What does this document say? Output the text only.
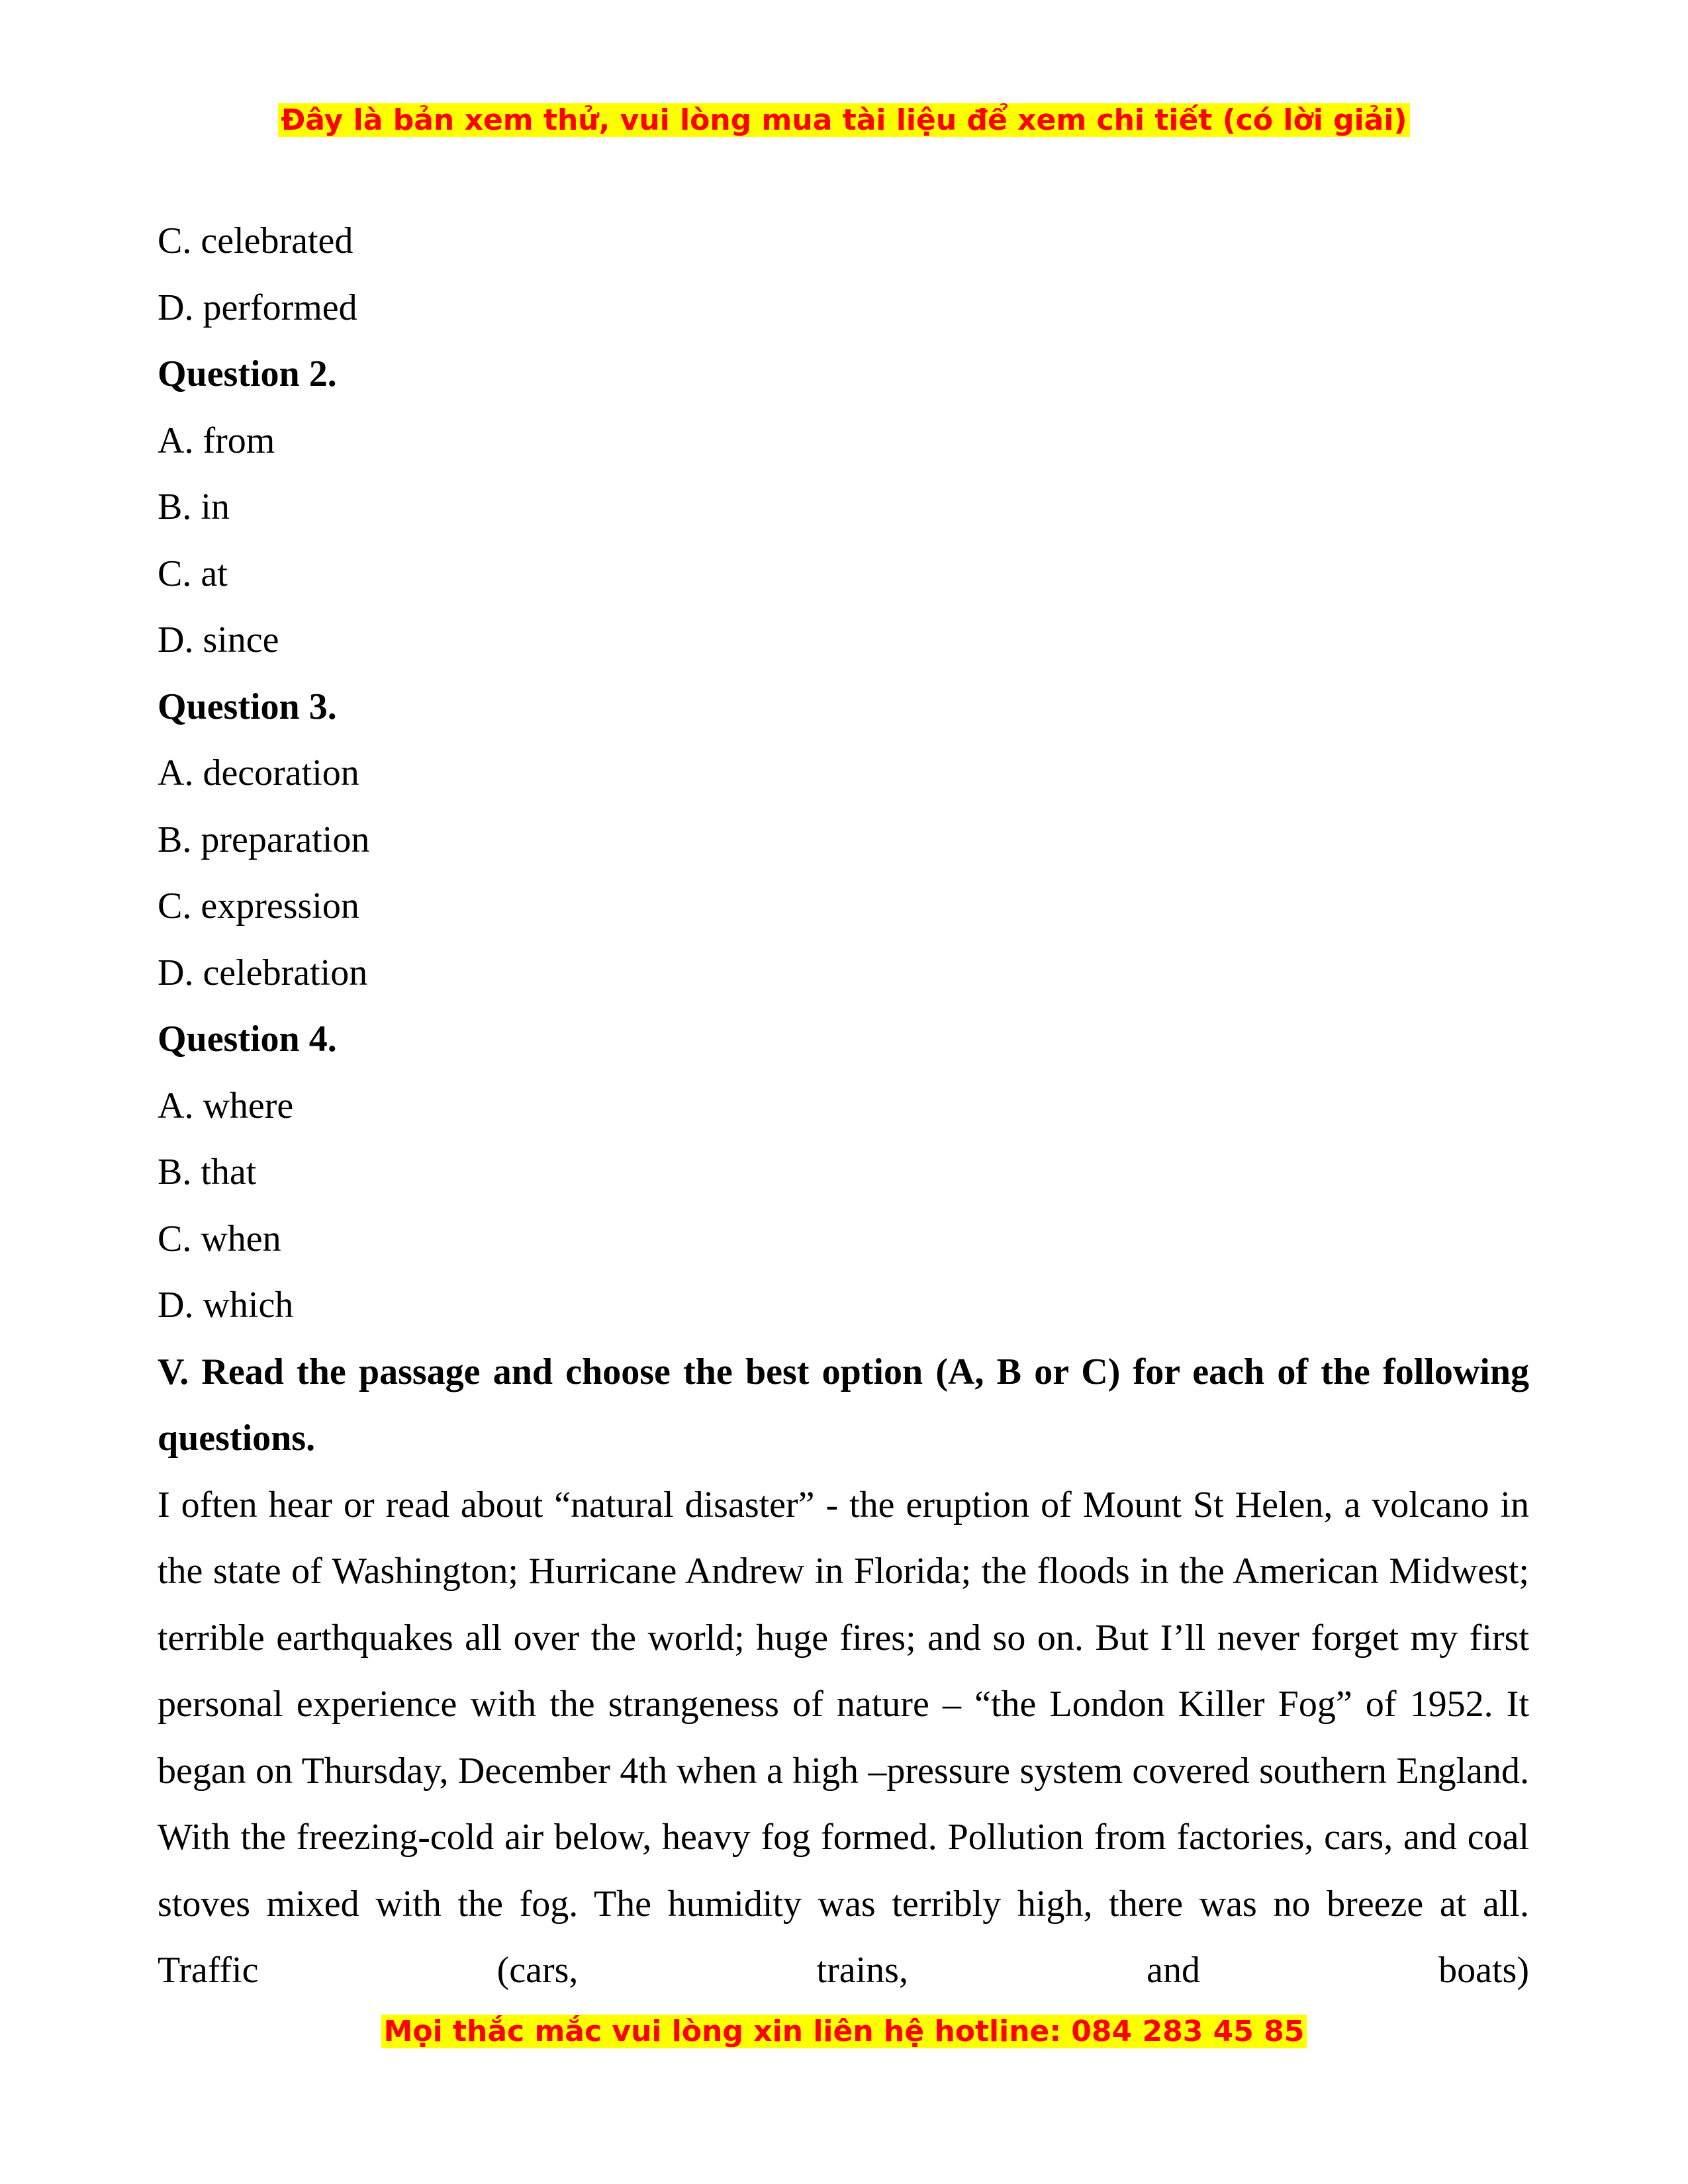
Đây là bản xem thử, vui lòng mua tài liệu để xem chi tiết (có lời giải)
C. celebrated
D. performed
Question 2.
A. from
B. in
C. at
D. since
Question 3.
A. decoration
B. preparation
C. expression
D. celebration
Question 4.
A. where
B. that
C. when
D. which
V. Read the passage and choose the best option (A, B or C) for each of the following questions.
I often hear or read about “natural disaster” - the eruption of Mount St Helen, a volcano in the state of Washington; Hurricane Andrew in Florida; the floods in the American Midwest; terrible earthquakes all over the world; huge fires; and so on. But I’ll never forget my first personal experience with the strangeness of nature – “the London Killer Fog” of 1952. It began on Thursday, December 4th when a high –pressure system covered southern England. With the freezing-cold air below, heavy fog formed. Pollution from factories, cars, and coal stoves mixed with the fog. The humidity was terribly high, there was no breeze at all. Traffic (cars, trains, and boats)
Mọi thắc mắc vui lòng xin liên hệ hotline: 084 283 45 85
